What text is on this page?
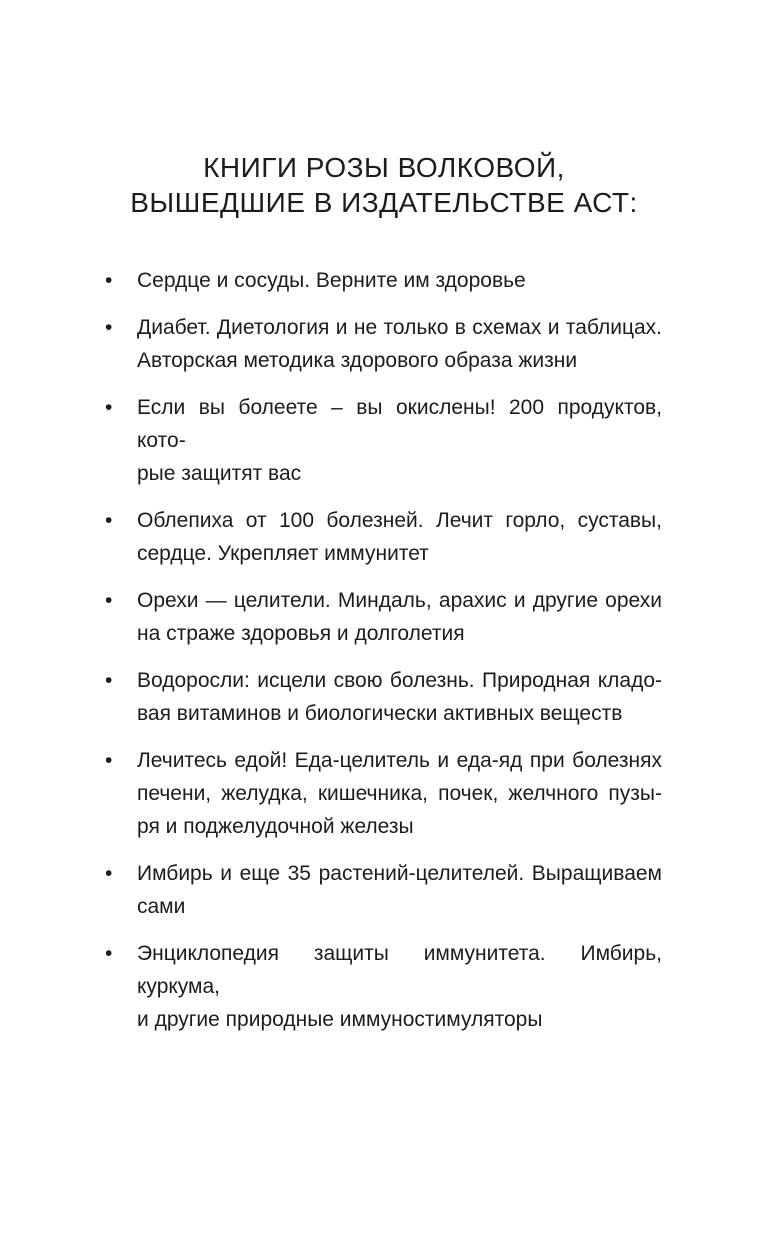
КНИГИ РОЗЫ ВОЛКОВОЙ,
ВЫШЕДШИЕ В ИЗДАТЕЛЬСТВЕ АСТ:
•	Сердце и сосуды. Верните им здоровье
•	Диабет. Диетология и не только в схемах и таблицах.
Авторская методика здорового образа жизни
•	Если вы болеете – вы окислены! 200 продуктов, кото-
рые защитят вас
•	Облепиха от 100 болезней. Лечит горло, суставы,
сердце. Укрепляет иммунитет
•	Орехи — целители. Миндаль, арахис и другие орехи
на страже здоровья и долголетия
•	Водоросли: исцели свою болезнь. Природная кладо-
вая витаминов и биологически активных веществ
•	Лечитесь едой! Еда-целитель и еда-яд при болезнях
печени, желудка, кишечника, почек, желчного пузы-
ря и поджелудочной железы
•	Имбирь и еще 35 растений-целителей. Выращиваем
сами
•	Энциклопедия защиты иммунитета. Имбирь, куркума,
и другие природные иммуностимуляторы
